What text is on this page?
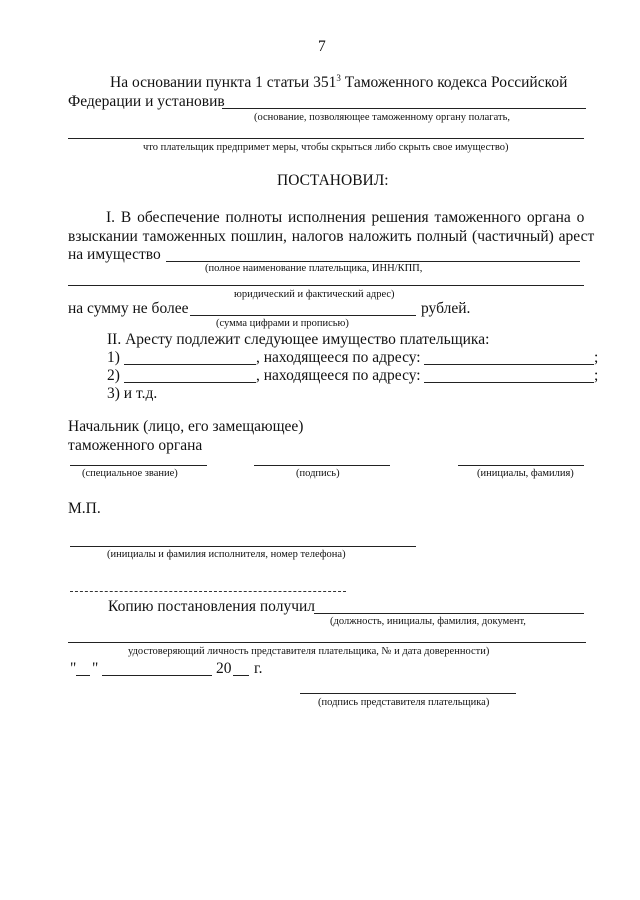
7
На основании пункта 1 статьи $351^3$ Таможенного кодекса Российской
Федерации и установив
(основание, позволяющее таможенному органу полагать,
что плательщик предпримет меры, чтобы скрыться либо скрыть свое имущество)
ПОСТАНОВИЛ:
I. В обеспечение полноты исполнения решения таможенного органа о
взыскании таможенных пошлин, налогов наложить полный (частичный) арест
на имущество
(полное наименование плательщика, ИНН/КПП,
юридический и фактический адрес)
на сумму не более	рублей.
(сумма цифрами и прописью)
II. Аресту подлежит следующее имущество плательщика:
1)	, находящееся по адресу:	;
2)	, находящееся по адресу:	;
3) и т.д.
Начальник (лицо, его замещающее)
таможенного органа
(специальное звание)	(подпись)	(инициалы, фамилия)
М.П.
(инициалы и фамилия исполнителя, номер телефона)
Копию постановления получил
(должность, инициалы, фамилия, документ,
удостоверяющий личность представителя плательщика, № и дата доверенности)
" "	20 г.
(подпись представителя плательщика)
